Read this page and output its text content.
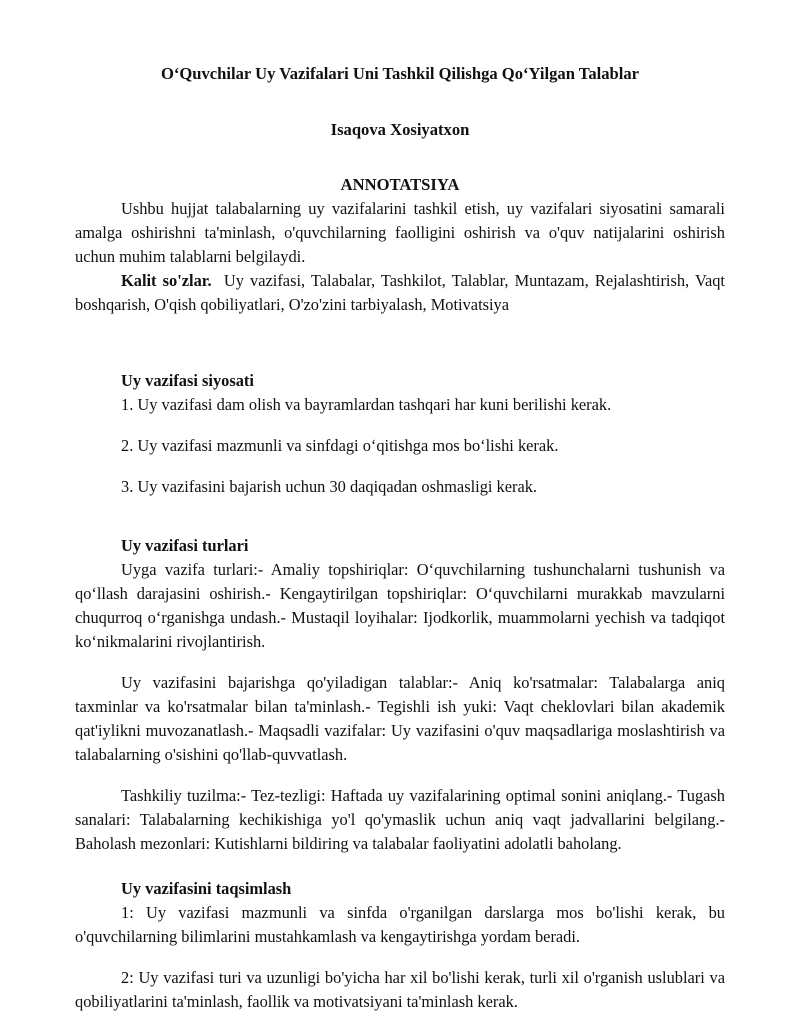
O‘Quvchilar Uy Vazifalari Uni Tashkil Qilishga Qo‘Yilgan Talablar
Isaqova Xosiyatxon
ANNOTATSIYA

Ushbu hujjat talabalarning uy vazifalarini tashkil etish, uy vazifalari siyosatini samarali amalga oshirishni ta'minlash, o'quvchilarning faolligini oshirish va o'quv natijalarini oshirish uchun muhim talablarni belgilaydi.

Kalit so'zlar. Uy vazifasi, Talabalar, Tashkilot, Talablar, Muntazam, Rejalashtirish, Vaqt boshqarish, O'qish qobiliyatlari, O'zo'zini tarbiyalash, Motivatsiya

Uy vazifasi siyosati
1. Uy vazifasi dam olish va bayramlardan tashqari har kuni berilishi kerak.
2. Uy vazifasi mazmunli va sinfdagi o‘qitishga mos bo‘lishi kerak.
3. Uy vazifasini bajarish uchun 30 daqiqadan oshmasligi kerak.
Uy vazifasi turlari

Uyga vazifa turlari:- Amaliy topshiriqlar: O‘quvchilarning tushunchalarni tushunish va qo‘llash darajasini oshirish.- Kengaytirilgan topshiriqlar: O‘quvchilarni murakkab mavzularni chuqurroq o‘rganishga undash.- Mustaqil loyihalar: Ijodkorlik, muammolarni yechish va tadqiqot ko‘nikmalarini rivojlantirish.

Uy vazifasini bajarishga qo'yiladigan talablar:- Aniq ko'rsatmalar: Talabalarga aniq taxminlar va ko'rsatmalar bilan ta'minlash.- Tegishli ish yuki: Vaqt cheklovlari bilan akademik qat'iylikni muvozanatlash.- Maqsadli vazifalar: Uy vazifasini o'quv maqsadlariga moslashtirish va talabalarning o'sishini qo'llab-quvvatlash.

Tashkiliy tuzilma:- Tez-tezligi: Haftada uy vazifalarining optimal sonini aniqlang.- Tugash sanalari: Talabalarning kechikishiga yo'l qo'ymaslik uchun aniq vaqt jadvallarini belgilang.- Baholash mezonlari: Kutishlarni bildiring va talabalar faoliyatini adolatli baholang.

Uy vazifasini taqsimlash

1: Uy vazifasi mazmunli va sinfda o'rganilgan darslarga mos bo'lishi kerak, bu o'quvchilarning bilimlarini mustahkamlash va kengaytirishga yordam beradi.

2: Uy vazifasi turi va uzunligi bo'yicha har xil bo'lishi kerak, turli xil o'rganish uslublari va qobiliyatlarini ta'minlash, faollik va motivatsiyani ta'minlash kerak.
